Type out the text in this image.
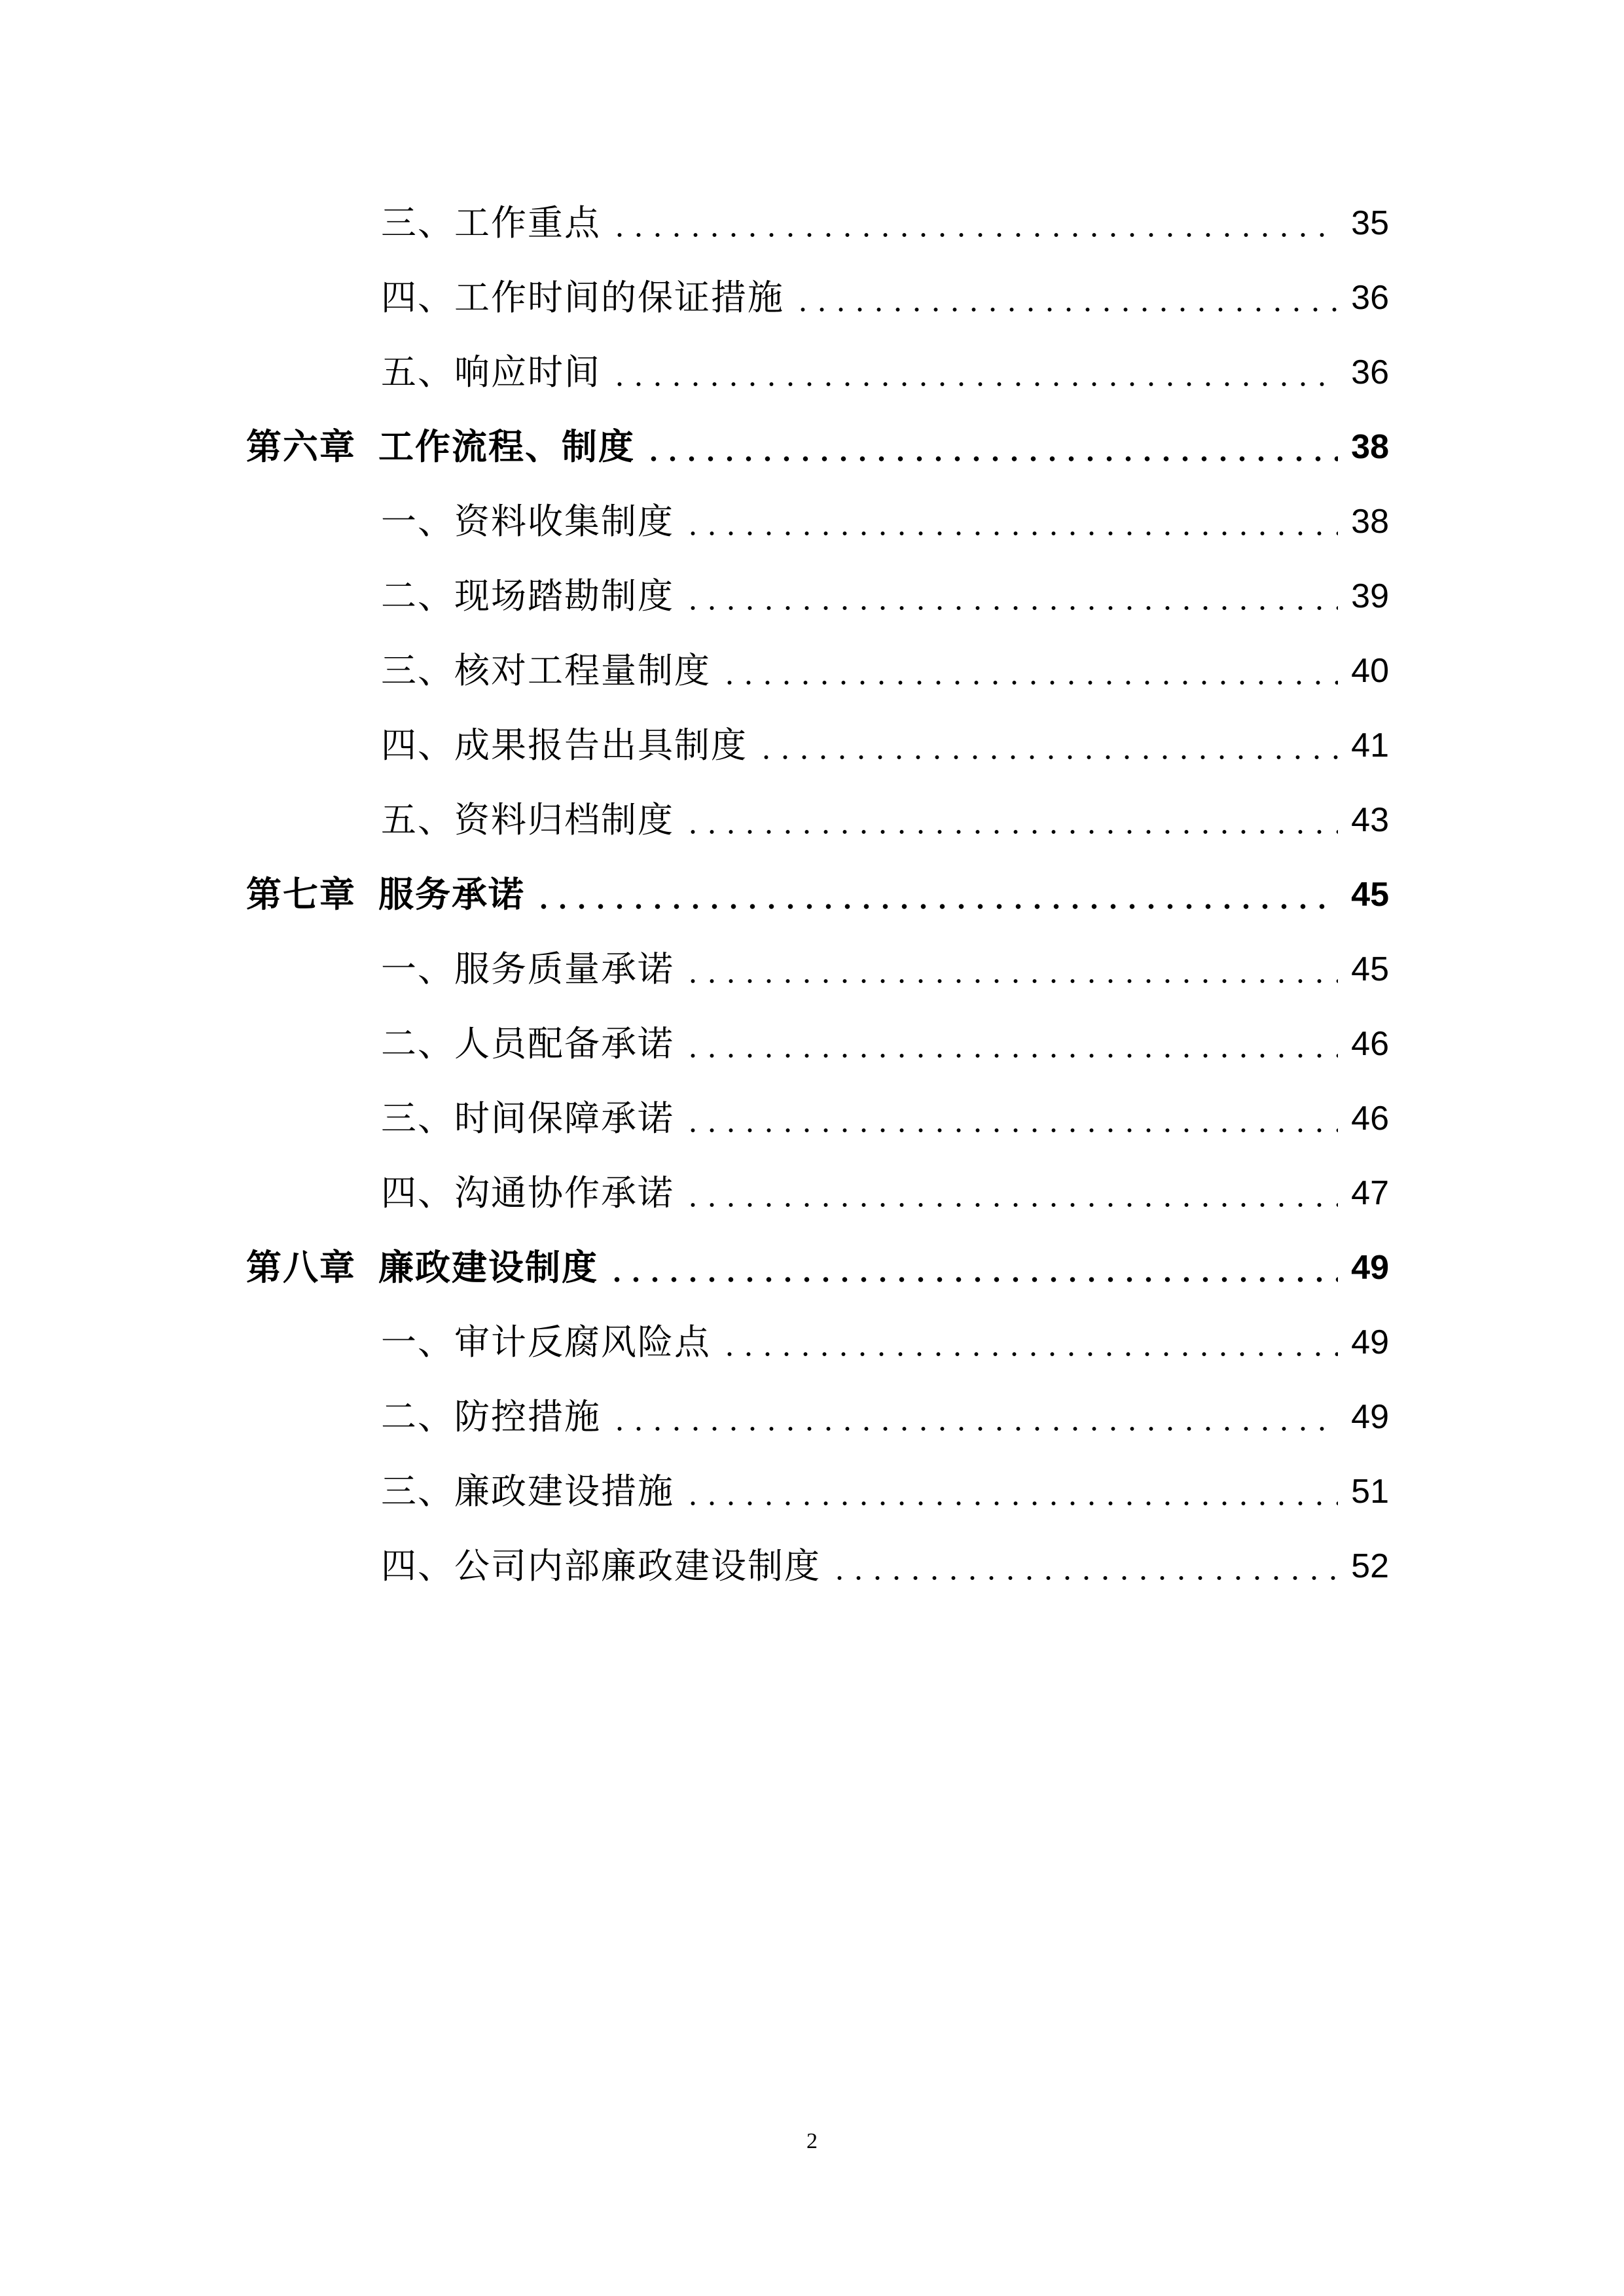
三、工作重点	35
四、工作时间的保证措施	36
五、响应时间	36
第六章 工作流程、制度	38
一、资料收集制度	38
二、现场踏勘制度	39
三、核对工程量制度	40
四、成果报告出具制度	41
五、资料归档制度	43
第七章 服务承诺	45
一、服务质量承诺	45
二、人员配备承诺	46
三、时间保障承诺	46
四、沟通协作承诺	47
第八章 廉政建设制度	49
一、审计反腐风险点	49
二、防控措施	49
三、廉政建设措施	51
四、公司内部廉政建设制度	52
2
